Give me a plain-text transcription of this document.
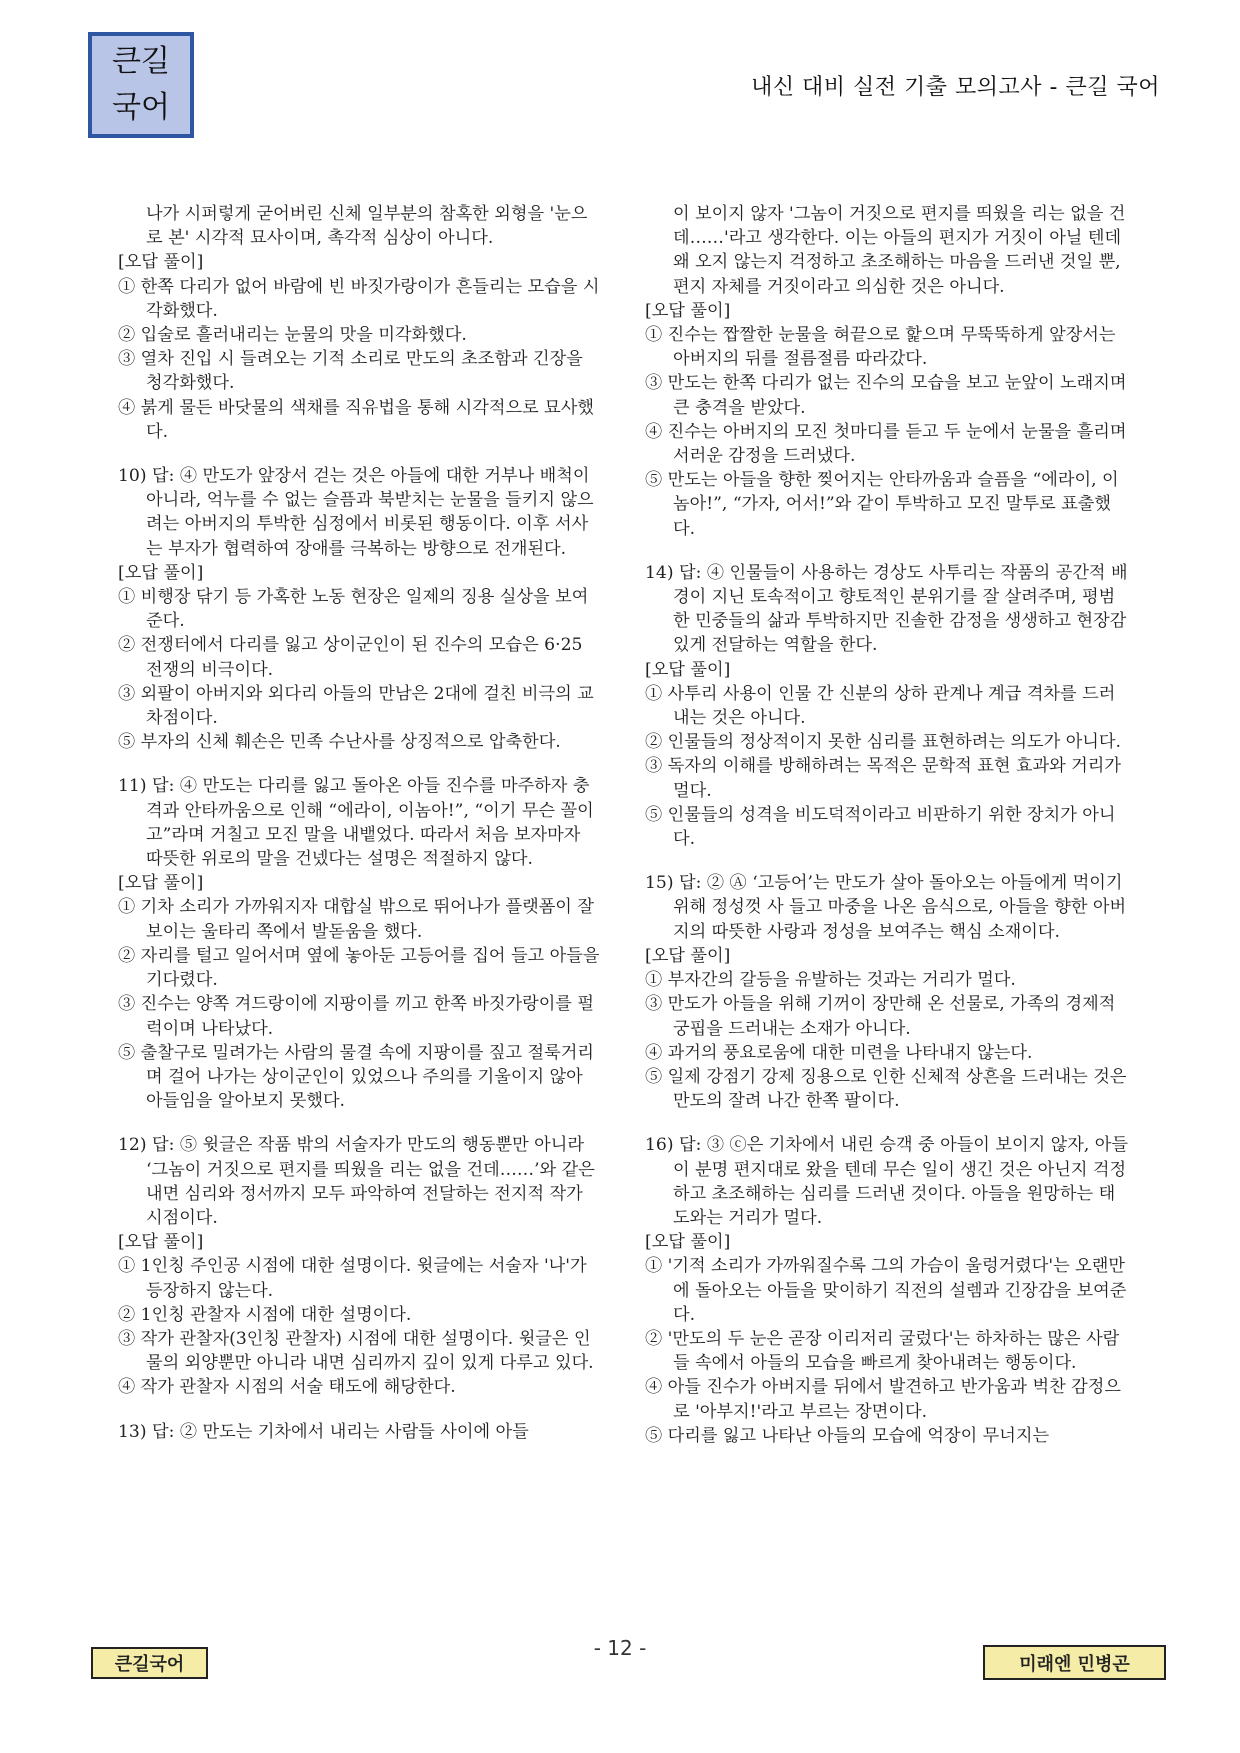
큰길
국어
내신 대비 실전 기출 모의고사 - 큰길 국어
나가 시퍼렇게 굳어버린 신체 일부분의 참혹한 외형을 '눈으로 본' 시각적 묘사이며, 촉각적 심상이 아니다.
[오답 풀이]
① 한쪽 다리가 없어 바람에 빈 바짓가랑이가 흔들리는 모습을 시각화했다.
② 입술로 흘러내리는 눈물의 맛을 미각화했다.
③ 열차 진입 시 들려오는 기적 소리로 만도의 초조함과 긴장을 청각화했다.
④ 붉게 물든 바닷물의 색채를 직유법을 통해 시각적으로 묘사했다.
10) 답: ④ 만도가 앞장서 걷는 것은 아들에 대한 거부나 배척이 아니라, 억누를 수 없는 슬픔과 북받치는 눈물을 들키지 않으려는 아버지의 투박한 심정에서 비롯된 행동이다. 이후 서사는 부자가 협력하여 장애를 극복하는 방향으로 전개된다.
[오답 풀이]
① 비행장 닦기 등 가혹한 노동 현장은 일제의 징용 실상을 보여준다.
② 전쟁터에서 다리를 잃고 상이군인이 된 진수의 모습은 6·25 전쟁의 비극이다.
③ 외팔이 아버지와 외다리 아들의 만남은 2대에 걸친 비극의 교차점이다.
⑤ 부자의 신체 훼손은 민족 수난사를 상징적으로 압축한다.
11) 답: ④ 만도는 다리를 잃고 돌아온 아들 진수를 마주하자 충격과 안타까움으로 인해 “에라이, 이놈아!”, “이기 무슨 꼴이고”라며 거칠고 모진 말을 내뱉었다. 따라서 처음 보자마자 따뜻한 위로의 말을 건넸다는 설명은 적절하지 않다.
[오답 풀이]
① 기차 소리가 가까워지자 대합실 밖으로 뛰어나가 플랫폼이 잘 보이는 울타리 쪽에서 발돋움을 했다.
② 자리를 털고 일어서며 옆에 놓아둔 고등어를 집어 들고 아들을 기다렸다.
③ 진수는 양쪽 겨드랑이에 지팡이를 끼고 한쪽 바짓가랑이를 펄럭이며 나타났다.
⑤ 출찰구로 밀려가는 사람의 물결 속에 지팡이를 짚고 절룩거리며 걸어 나가는 상이군인이 있었으나 주의를 기울이지 않아 아들임을 알아보지 못했다.
12) 답: ⑤ 윗글은 작품 밖의 서술자가 만도의 행동뿐만 아니라 ‘그놈이 거짓으로 편지를 띄웠을 리는 없을 건데……’와 같은 내면 심리와 정서까지 모두 파악하여 전달하는 전지적 작가 시점이다.
[오답 풀이]
① 1인칭 주인공 시점에 대한 설명이다. 윗글에는 서술자 '나'가 등장하지 않는다.
② 1인칭 관찰자 시점에 대한 설명이다.
③ 작가 관찰자(3인칭 관찰자) 시점에 대한 설명이다. 윗글은 인물의 외양뿐만 아니라 내면 심리까지 깊이 있게 다루고 있다.
④ 작가 관찰자 시점의 서술 태도에 해당한다.
13) 답: ② 만도는 기차에서 내리는 사람들 사이에 아들
이 보이지 않자 '그놈이 거짓으로 편지를 띄웠을 리는 없을 건데……'라고 생각한다. 이는 아들의 편지가 거짓이 아닐 텐데 왜 오지 않는지 걱정하고 초조해하는 마음을 드러낸 것일 뿐, 편지 자체를 거짓이라고 의심한 것은 아니다.
[오답 풀이]
① 진수는 짭짤한 눈물을 혀끝으로 핥으며 무뚝뚝하게 앞장서는 아버지의 뒤를 절름절름 따라갔다.
③ 만도는 한쪽 다리가 없는 진수의 모습을 보고 눈앞이 노래지며 큰 충격을 받았다.
④ 진수는 아버지의 모진 첫마디를 듣고 두 눈에서 눈물을 흘리며 서러운 감정을 드러냈다.
⑤ 만도는 아들을 향한 찢어지는 안타까움과 슬픔을 “에라이, 이놈아!”, “가자, 어서!”와 같이 투박하고 모진 말투로 표출했다.
14) 답: ④ 인물들이 사용하는 경상도 사투리는 작품의 공간적 배경이 지닌 토속적이고 향토적인 분위기를 잘 살려주며, 평범한 민중들의 삶과 투박하지만 진솔한 감정을 생생하고 현장감 있게 전달하는 역할을 한다.
[오답 풀이]
① 사투리 사용이 인물 간 신분의 상하 관계나 계급 격차를 드러내는 것은 아니다.
② 인물들의 정상적이지 못한 심리를 표현하려는 의도가 아니다.
③ 독자의 이해를 방해하려는 목적은 문학적 표현 효과와 거리가 멀다.
⑤ 인물들의 성격을 비도덕적이라고 비판하기 위한 장치가 아니다.
15) 답: ② Ⓐ ‘고등어’는 만도가 살아 돌아오는 아들에게 먹이기 위해 정성껏 사 들고 마중을 나온 음식으로, 아들을 향한 아버지의 따뜻한 사랑과 정성을 보여주는 핵심 소재이다.
[오답 풀이]
① 부자간의 갈등을 유발하는 것과는 거리가 멀다.
③ 만도가 아들을 위해 기꺼이 장만해 온 선물로, 가족의 경제적 궁핍을 드러내는 소재가 아니다.
④ 과거의 풍요로움에 대한 미련을 나타내지 않는다.
⑤ 일제 강점기 강제 징용으로 인한 신체적 상흔을 드러내는 것은 만도의 잘려 나간 한쪽 팔이다.
16) 답: ③ ⓒ은 기차에서 내린 승객 중 아들이 보이지 않자, 아들이 분명 편지대로 왔을 텐데 무슨 일이 생긴 것은 아닌지 걱정하고 초조해하는 심리를 드러낸 것이다. 아들을 원망하는 태도와는 거리가 멀다.
[오답 풀이]
① '기적 소리가 가까워질수록 그의 가슴이 울렁거렸다'는 오랜만에 돌아오는 아들을 맞이하기 직전의 설렘과 긴장감을 보여준다.
② '만도의 두 눈은 곧장 이리저리 굴렀다'는 하차하는 많은 사람들 속에서 아들의 모습을 빠르게 찾아내려는 행동이다.
④ 아들 진수가 아버지를 뒤에서 발견하고 반가움과 벅찬 감정으로 '아부지!'라고 부르는 장면이다.
⑤ 다리를 잃고 나타난 아들의 모습에 억장이 무너지는
큰길국어
- 12 -
미래엔 민병곤
